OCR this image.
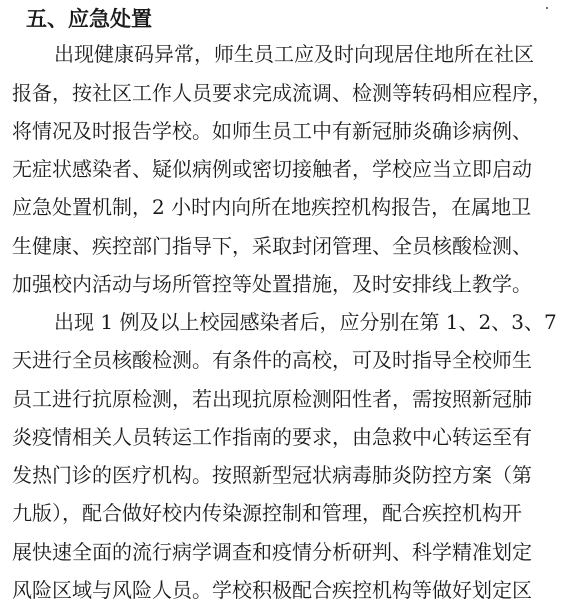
五、应急处置

出现健康码异常，师生员工应及时向现居住地所在社区

报备，按社区工作人员要求完成流调、检测等转码相应程序，

将情况及时报告学校。如师生员工中有新冠肺炎确诊病例、

无症状感染者、疑似病例或密切接触者，学校应当立即启动

应急处置机制，2 小时内向所在地疾控机构报告，在属地卫

生健康、疾控部门指导下，采取封闭管理、全员核酸检测、

加强校内活动与场所管控等处置措施，及时安排线上教学。

出现 1 例及以上校园感染者后，应分别在第 1、2、3、7

天进行全员核酸检测。有条件的高校，可及时指导全校师生

员工进行抗原检测，若出现抗原检测阳性者，需按照新冠肺

炎疫情相关人员转运工作指南的要求，由急救中心转运至有

发热门诊的医疗机构。按照新型冠状病毒肺炎防控方案（第

九版），配合做好校内传染源控制和管理，配合疾控机构开

展快速全面的流行病学调查和疫情分析研判、科学精准划定

风险区域与风险人员。学校积极配合疾控机构等做好划定区
